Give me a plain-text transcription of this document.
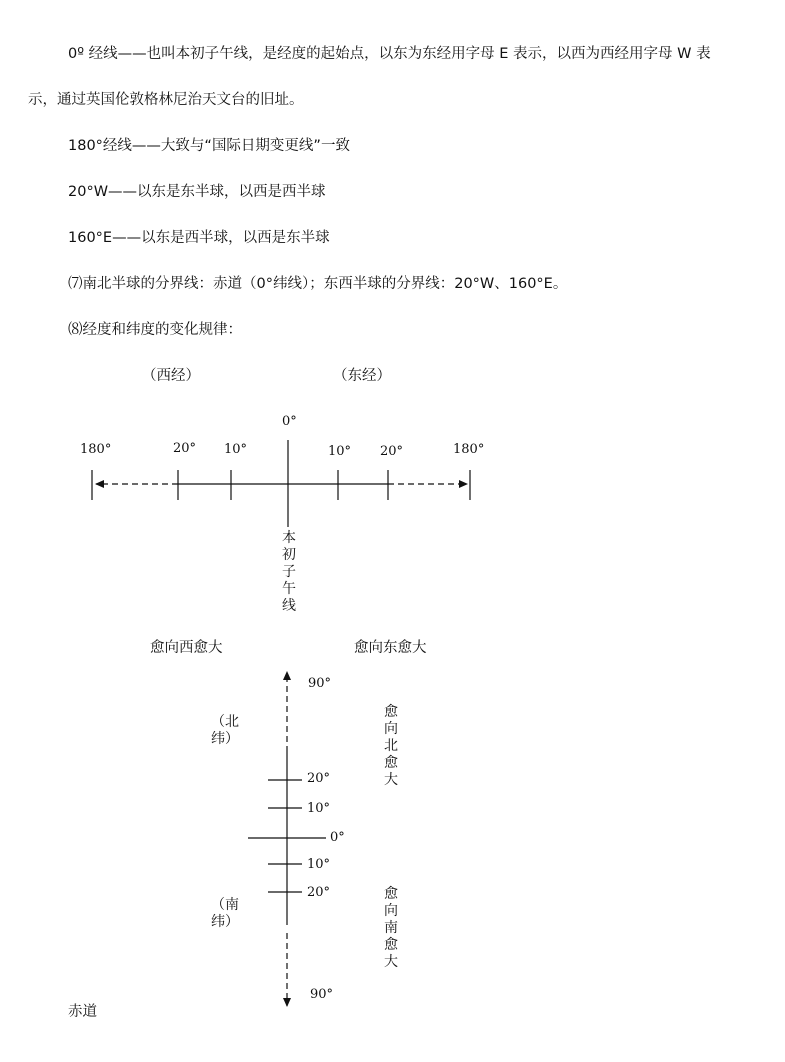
0º 经线——也叫本初子午线，是经度的起始点，以东为东经用字母 E 表示，以西为西经用字母 W 表
示，通过英国伦敦格林尼治天文台的旧址。
180°经线——大致与“国际日期变更线”一致
20°W——以东是东半球，以西是西半球
160°E——以东是西半球，以西是东半球
⑺南北半球的分界线：赤道（0°纬线）；东西半球的分界线：20°W、160°E。
⑻经度和纬度的变化规律：
（西经）	（东经）
0°
180°	20° 10°	10° 20°	180°
本初子午线
愈向西愈大	愈向东愈大
90°
20°
10°
0°
10°
20°
90°
（北纬）
（南纬）
愈向北愈大
愈向南愈大
赤道
